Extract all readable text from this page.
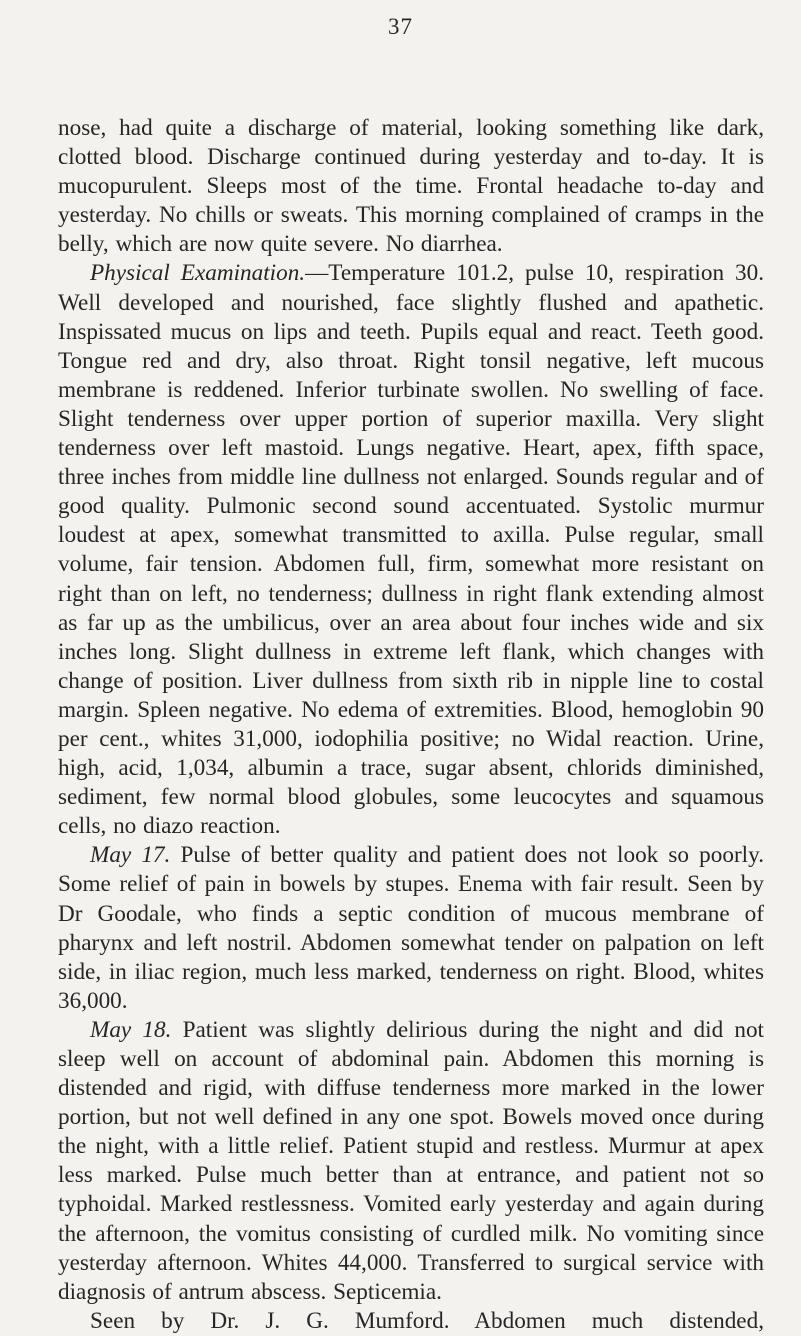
37

nose, had quite a discharge of material, looking something like dark, clotted blood. Discharge continued during yesterday and to-day. It is mucopurulent. Sleeps most of the time. Frontal headache to-day and yesterday. No chills or sweats. This morning complained of cramps in the belly, which are now quite severe. No diarrhea.

Physical Examination.—Temperature 101.2, pulse 10, respiration 30. Well developed and nourished, face slightly flushed and apathetic. Inspissated mucus on lips and teeth. Pupils equal and react. Teeth good. Tongue red and dry, also throat. Right tonsil negative, left mucous membrane is reddened. Inferior turbinate swollen. No swelling of face. Slight tenderness over upper portion of superior maxilla. Very slight tenderness over left mastoid. Lungs negative. Heart, apex, fifth space, three inches from middle line dullness not enlarged. Sounds regular and of good quality. Pulmonic second sound accentuated. Systolic murmur loudest at apex, somewhat transmitted to axilla. Pulse regular, small volume, fair tension. Abdomen full, firm, somewhat more resistant on right than on left, no tenderness; dullness in right flank extending almost as far up as the umbilicus, over an area about four inches wide and six inches long. Slight dullness in extreme left flank, which changes with change of position. Liver dullness from sixth rib in nipple line to costal margin. Spleen negative. No edema of extremities. Blood, hemoglobin 90 per cent., whites 31,000, iodophilia positive; no Widal reaction. Urine, high, acid, 1,034, albumin a trace, sugar absent, chlorids diminished, sediment, few normal blood globules, some leucocytes and squamous cells, no diazo reaction.

May 17. Pulse of better quality and patient does not look so poorly. Some relief of pain in bowels by stupes. Enema with fair result. Seen by Dr Goodale, who finds a septic condition of mucous membrane of pharynx and left nostril. Abdomen somewhat tender on palpation on left side, in iliac region, much less marked, tenderness on right. Blood, whites 36,000.

May 18. Patient was slightly delirious during the night and did not sleep well on account of abdominal pain. Abdomen this morning is distended and rigid, with diffuse tenderness more marked in the lower portion, but not well defined in any one spot. Bowels moved once during the night, with a little relief. Patient stupid and restless. Murmur at apex less marked. Pulse much better than at entrance, and patient not so typhoidal. Marked restlessness. Vomited early yesterday and again during the afternoon, the vomitus consisting of curdled milk. No vomiting since yesterday afternoon. Whites 44,000. Transferred to surgical service with diagnosis of antrum abscess. Septicemia.

Seen by Dr. J. G. Mumford. Abdomen much distended,
